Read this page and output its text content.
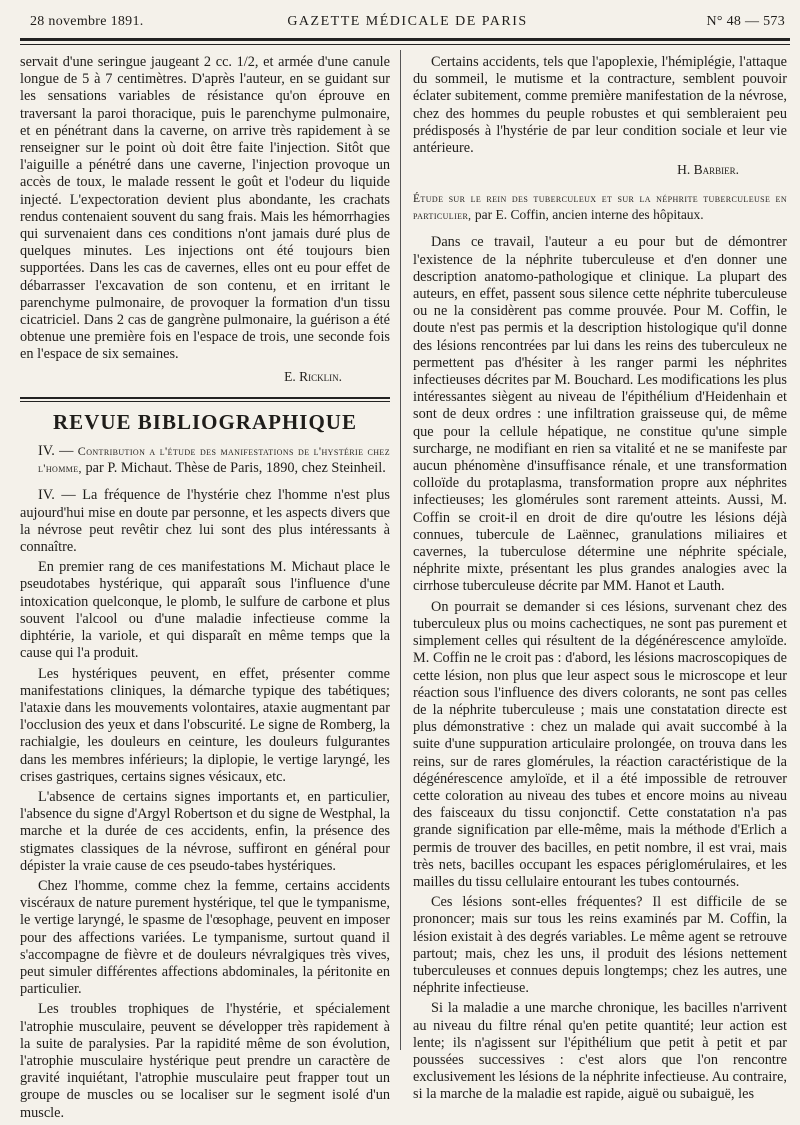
28 novembre 1891.	GAZETTE MÉDICALE DE PARIS	N° 48 — 573

servait d'une seringue jaugeant 2 cc. 1/2, et armée d'une canule longue de 5 à 7 centimètres. D'après l'auteur, en se guidant sur les sensations variables de résistance qu'on éprouve en traversant la paroi thoracique, puis le parenchyme pulmonaire, et en pénétrant dans la caverne, on arrive très rapidement à se renseigner sur le point où doit être faite l'injection. Sitôt que l'aiguille a pénétré dans une caverne, l'injection provoque un accès de toux, le malade ressent le goût et l'odeur du liquide injecté. L'expectoration devient plus abondante, les crachats rendus contenaient souvent du sang frais. Mais les hémorrhagies qui survenaient dans ces conditions n'ont jamais duré plus de quelques minutes. Les injections ont été toujours bien supportées. Dans les cas de cavernes, elles ont eu pour effet de débarrasser l'excavation de son contenu, et en irritant le parenchyme pulmonaire, de provoquer la formation d'un tissu cicatriciel. Dans 2 cas de gangrène pulmonaire, la guérison a été obtenue une première fois en l'espace de trois, une seconde fois en l'espace de six semaines.

E. Ricklin.
REVUE BIBLIOGRAPHIQUE

IV. — Contribution a l'étude des manifestations de l'hystérie chez l'homme, par P. Michaut. Thèse de Paris, 1890, chez Steinheil.

IV. — La fréquence de l'hystérie chez l'homme n'est plus aujourd'hui mise en doute par personne, et les aspects divers que la névrose peut revêtir chez lui sont des plus intéressants à connaître.

En premier rang de ces manifestations M. Michaut place le pseudotabes hystérique, qui apparaît sous l'influence d'une intoxication quelconque, le plomb, le sulfure de carbone et plus souvent l'alcool ou d'une maladie infectieuse comme la diphtérie, la variole, et qui disparaît en même temps que la cause qui l'a produit.

Les hystériques peuvent, en effet, présenter comme manifestations cliniques, la démarche typique des tabétiques; l'ataxie dans les mouvements volontaires, ataxie augmentant par l'occlusion des yeux et dans l'obscurité. Le signe de Romberg, la rachialgie, les douleurs en ceinture, les douleurs fulgurantes dans les membres inférieurs; la diplopie, le vertige laryngé, les crises gastriques, certains signes vésicaux, etc.

L'absence de certains signes importants et, en particulier, l'absence du signe d'Argyl Robertson et du signe de Westphal, la marche et la durée de ces accidents, enfin, la présence des stigmates classiques de la névrose, suffiront en général pour dépister la vraie cause de ces pseudo-tabes hystériques.

Chez l'homme, comme chez la femme, certains accidents viscéraux de nature purement hystérique, tel que le tympanisme, le vertige laryngé, le spasme de l'œsophage, peuvent en imposer pour des affections variées. Le tympanisme, surtout quand il s'accompagne de fièvre et de douleurs névralgiques très vives, peut simuler différentes affections abdominales, la péritonite en particulier.

Les troubles trophiques de l'hystérie, et spécialement l'atrophie musculaire, peuvent se développer très rapidement à la suite de paralysies. Par la rapidité même de son évolution, l'atrophie musculaire hystérique peut prendre un caractère de gravité inquiétant, l'atrophie musculaire peut frapper tout un groupe de muscles ou se localiser sur le segment isolé d'un muscle.

Certains accidents, tels que l'apoplexie, l'hémiplégie, l'attaque du sommeil, le mutisme et la contracture, semblent pouvoir éclater subitement, comme première manifestation de la névrose, chez des hommes du peuple robustes et qui sembleraient peu prédisposés à l'hystérie de par leur condition sociale et leur vie antérieure.

H. Barbier.

Étude sur le rein des tuberculeux et sur la néphrite tuberculeuse en particulier, par E. Coffin, ancien interne des hôpitaux.

Dans ce travail, l'auteur a eu pour but de démontrer l'existence de la néphrite tuberculeuse et d'en donner une description anatomo-pathologique et clinique. La plupart des auteurs, en effet, passent sous silence cette néphrite tuberculeuse ou ne la considèrent pas comme prouvée. Pour M. Coffin, le doute n'est pas permis et la description histologique qu'il donne des lésions rencontrées par lui dans les reins des tuberculeux ne permettent pas d'hésiter à les ranger parmi les néphrites infectieuses décrites par M. Bouchard. Les modifications les plus intéressantes siègent au niveau de l'épithélium d'Heidenhain et sont de deux ordres : une infiltration graisseuse qui, de même que pour la cellule hépatique, ne constitue qu'une simple surcharge, ne modifiant en rien sa vitalité et ne se manifeste par aucun phénomène d'insuffisance rénale, et une transformation colloïde du protaplasma, transformation propre aux néphrites infectieuses; les glomérules sont rarement atteints. Aussi, M. Coffin se croit-il en droit de dire qu'outre les lésions déjà connues, tubercule de Laënnec, granulations miliaires et cavernes, la tuberculose détermine une néphrite spéciale, néphrite mixte, présentant les plus grandes analogies avec la cirrhose tuberculeuse décrite par MM. Hanot et Lauth.

On pourrait se demander si ces lésions, survenant chez des tuberculeux plus ou moins cachectiques, ne sont pas purement et simplement celles qui résultent de la dégénérescence amyloïde. M. Coffin ne le croit pas : d'abord, les lésions macroscopiques de cette lésion, non plus que leur aspect sous le microscope et leur réaction sous l'influence des divers colorants, ne sont pas celles de la néphrite tuberculeuse ; mais une constatation directe est plus démonstrative : chez un malade qui avait succombé à la suite d'une suppuration articulaire prolongée, on trouva dans les reins, sur de rares glomérules, la réaction caractéristique de la dégénérescence amyloïde, et il a été impossible de retrouver cette coloration au niveau des tubes et encore moins au niveau des faisceaux du tissu conjonctif. Cette constatation n'a pas grande signification par elle-même, mais la méthode d'Erlich a permis de trouver des bacilles, en petit nombre, il est vrai, mais très nets, bacilles occupant les espaces périglomérulaires, et les mailles du tissu cellulaire entourant les tubes contournés.

Ces lésions sont-elles fréquentes? Il est difficile de se prononcer; mais sur tous les reins examinés par M. Coffin, la lésion existait à des degrés variables. Le même agent se retrouve partout; mais, chez les uns, il produit des lésions nettement tuberculeuses et connues depuis longtemps; chez les autres, une néphrite infectieuse.

Si la maladie a une marche chronique, les bacilles n'arrivent au niveau du filtre rénal qu'en petite quantité; leur action est lente; ils n'agissent sur l'épithélium que petit à petit et par poussées successives : c'est alors que l'on rencontre exclusivement les lésions de la néphrite infectieuse. Au contraire, si la marche de la maladie est rapide, aiguë ou subaiguë, les
